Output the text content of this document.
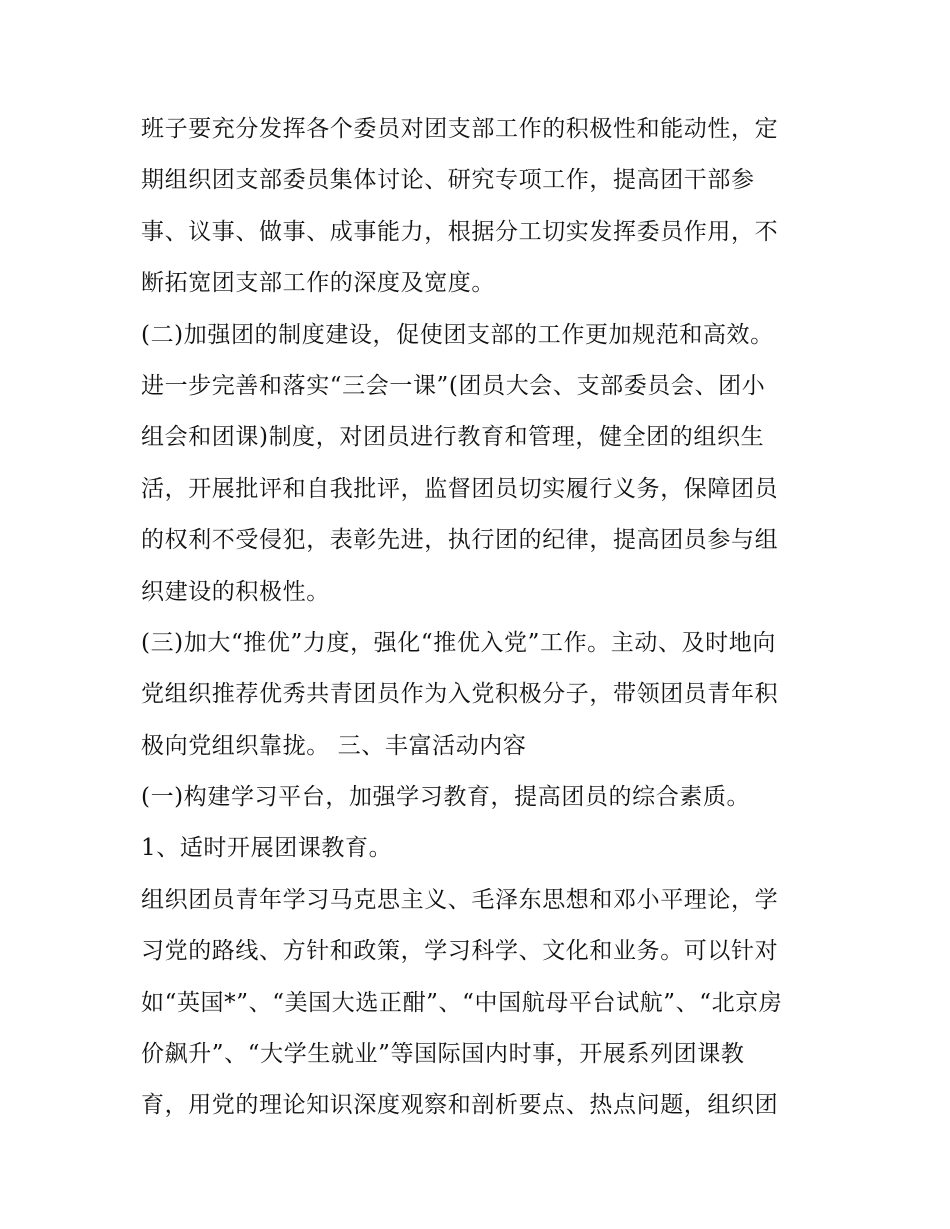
班子要充分发挥各个委员对团支部工作的积极性和能动性，定
期组织团支部委员集体讨论、研究专项工作，提高团干部参
事、议事、做事、成事能力，根据分工切实发挥委员作用，不
断拓宽团支部工作的深度及宽度。
(二)加强团的制度建设，促使团支部的工作更加规范和高效。
进一步完善和落实“三会一课”(团员大会、支部委员会、团小
组会和团课)制度，对团员进行教育和管理，健全团的组织生
活，开展批评和自我批评，监督团员切实履行义务，保障团员
的权利不受侵犯，表彰先进，执行团的纪律，提高团员参与组
织建设的积极性。
(三)加大“推优”力度，强化“推优入党”工作。主动、及时地向
党组织推荐优秀共青团员作为入党积极分子，带领团员青年积
极向党组织靠拢。 三、丰富活动内容
(一)构建学习平台，加强学习教育，提高团员的综合素质。
1、适时开展团课教育。
组织团员青年学习马克思主义、毛泽东思想和邓小平理论，学
习党的路线、方针和政策，学习科学、文化和业务。可以针对
如“英国*”、“美国大选正酣”、“中国航母平台试航”、“北京房
价飙升”、“大学生就业”等国际国内时事，开展系列团课教
育，用党的理论知识深度观察和剖析要点、热点问题，组织团
